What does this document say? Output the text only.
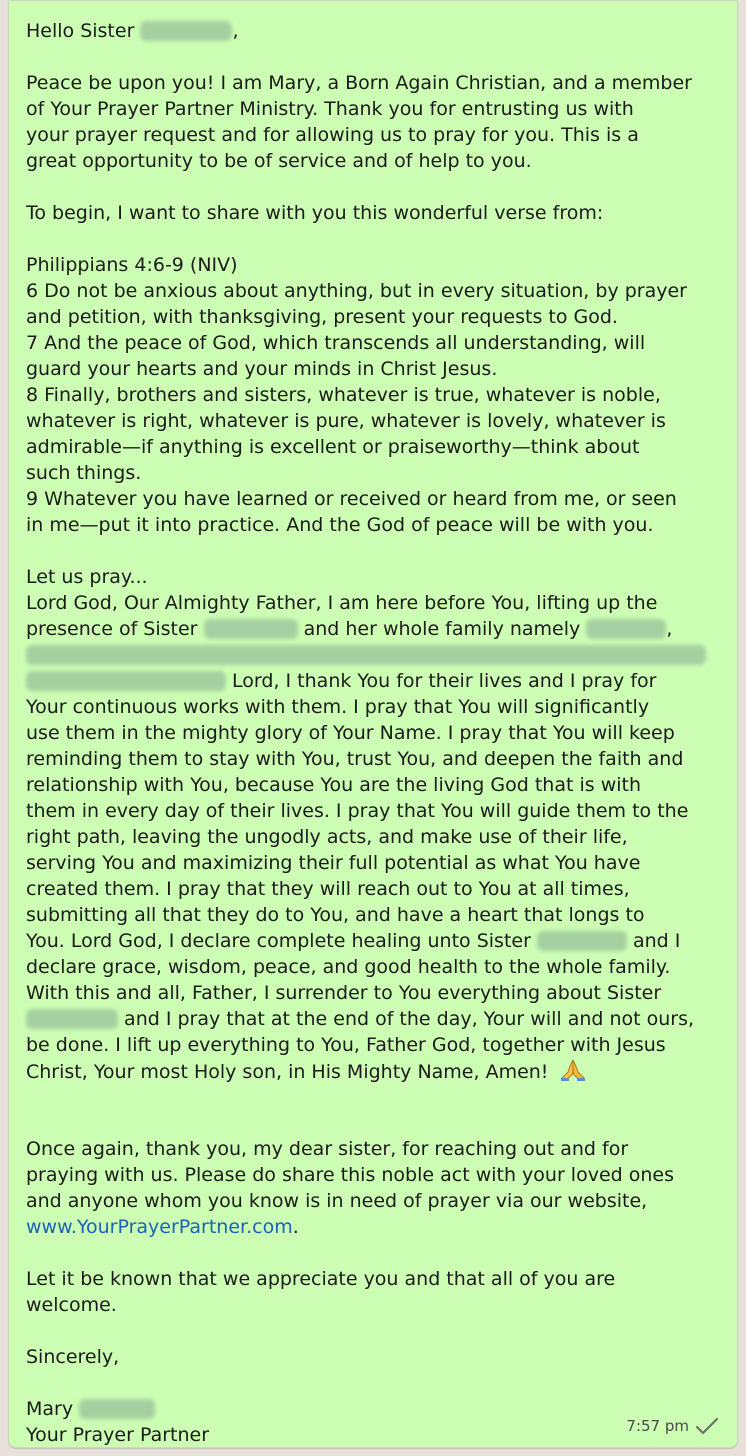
Hello Sister	,
Peace be upon you! I am Mary, a Born Again Christian, and a member
of Your Prayer Partner Ministry. Thank you for entrusting us with
your prayer request and for allowing us to pray for you. This is a
great opportunity to be of service and of help to you.
To begin, I want to share with you this wonderful verse from:
Philippians 4:6-9 (NIV)
6 Do not be anxious about anything, but in every situation, by prayer
and petition, with thanksgiving, present your requests to God.
7 And the peace of God, which transcends all understanding, will
guard your hearts and your minds in Christ Jesus.
8 Finally, brothers and sisters, whatever is true, whatever is noble,
whatever is right, whatever is pure, whatever is lovely, whatever is
admirable—if anything is excellent or praiseworthy—think about
such things.
9 Whatever you have learned or received or heard from me, or seen
in me—put it into practice. And the God of peace will be with you.
Let us pray...
Lord God, Our Almighty Father, I am here before You, lifting up the
presence of Sister	and her whole family namely	,
Lord, I thank You for their lives and I pray for
Your continuous works with them. I pray that You will significantly
use them in the mighty glory of Your Name. I pray that You will keep
reminding them to stay with You, trust You, and deepen the faith and
relationship with You, because You are the living God that is with
them in every day of their lives. I pray that You will guide them to the
right path, leaving the ungodly acts, and make use of their life,
serving You and maximizing their full potential as what You have
created them. I pray that they will reach out to You at all times,
submitting all that they do to You, and have a heart that longs to
You. Lord God, I declare complete healing unto Sister	and I
declare grace, wisdom, peace, and good health to the whole family.
With this and all, Father, I surrender to You everything about Sister
and I pray that at the end of the day, Your will and not ours,
be done. I lift up everything to You, Father God, together with Jesus
Christ, Your most Holy son, in His Mighty Name, Amen!
Once again, thank you, my dear sister, for reaching out and for
praying with us. Please do share this noble act with your loved ones
and anyone whom you know is in need of prayer via our website,
www.YourPrayerPartner.com.
Let it be known that we appreciate you and that all of you are
welcome.
Sincerely,
Mary
Your Prayer Partner	7:57 pm
